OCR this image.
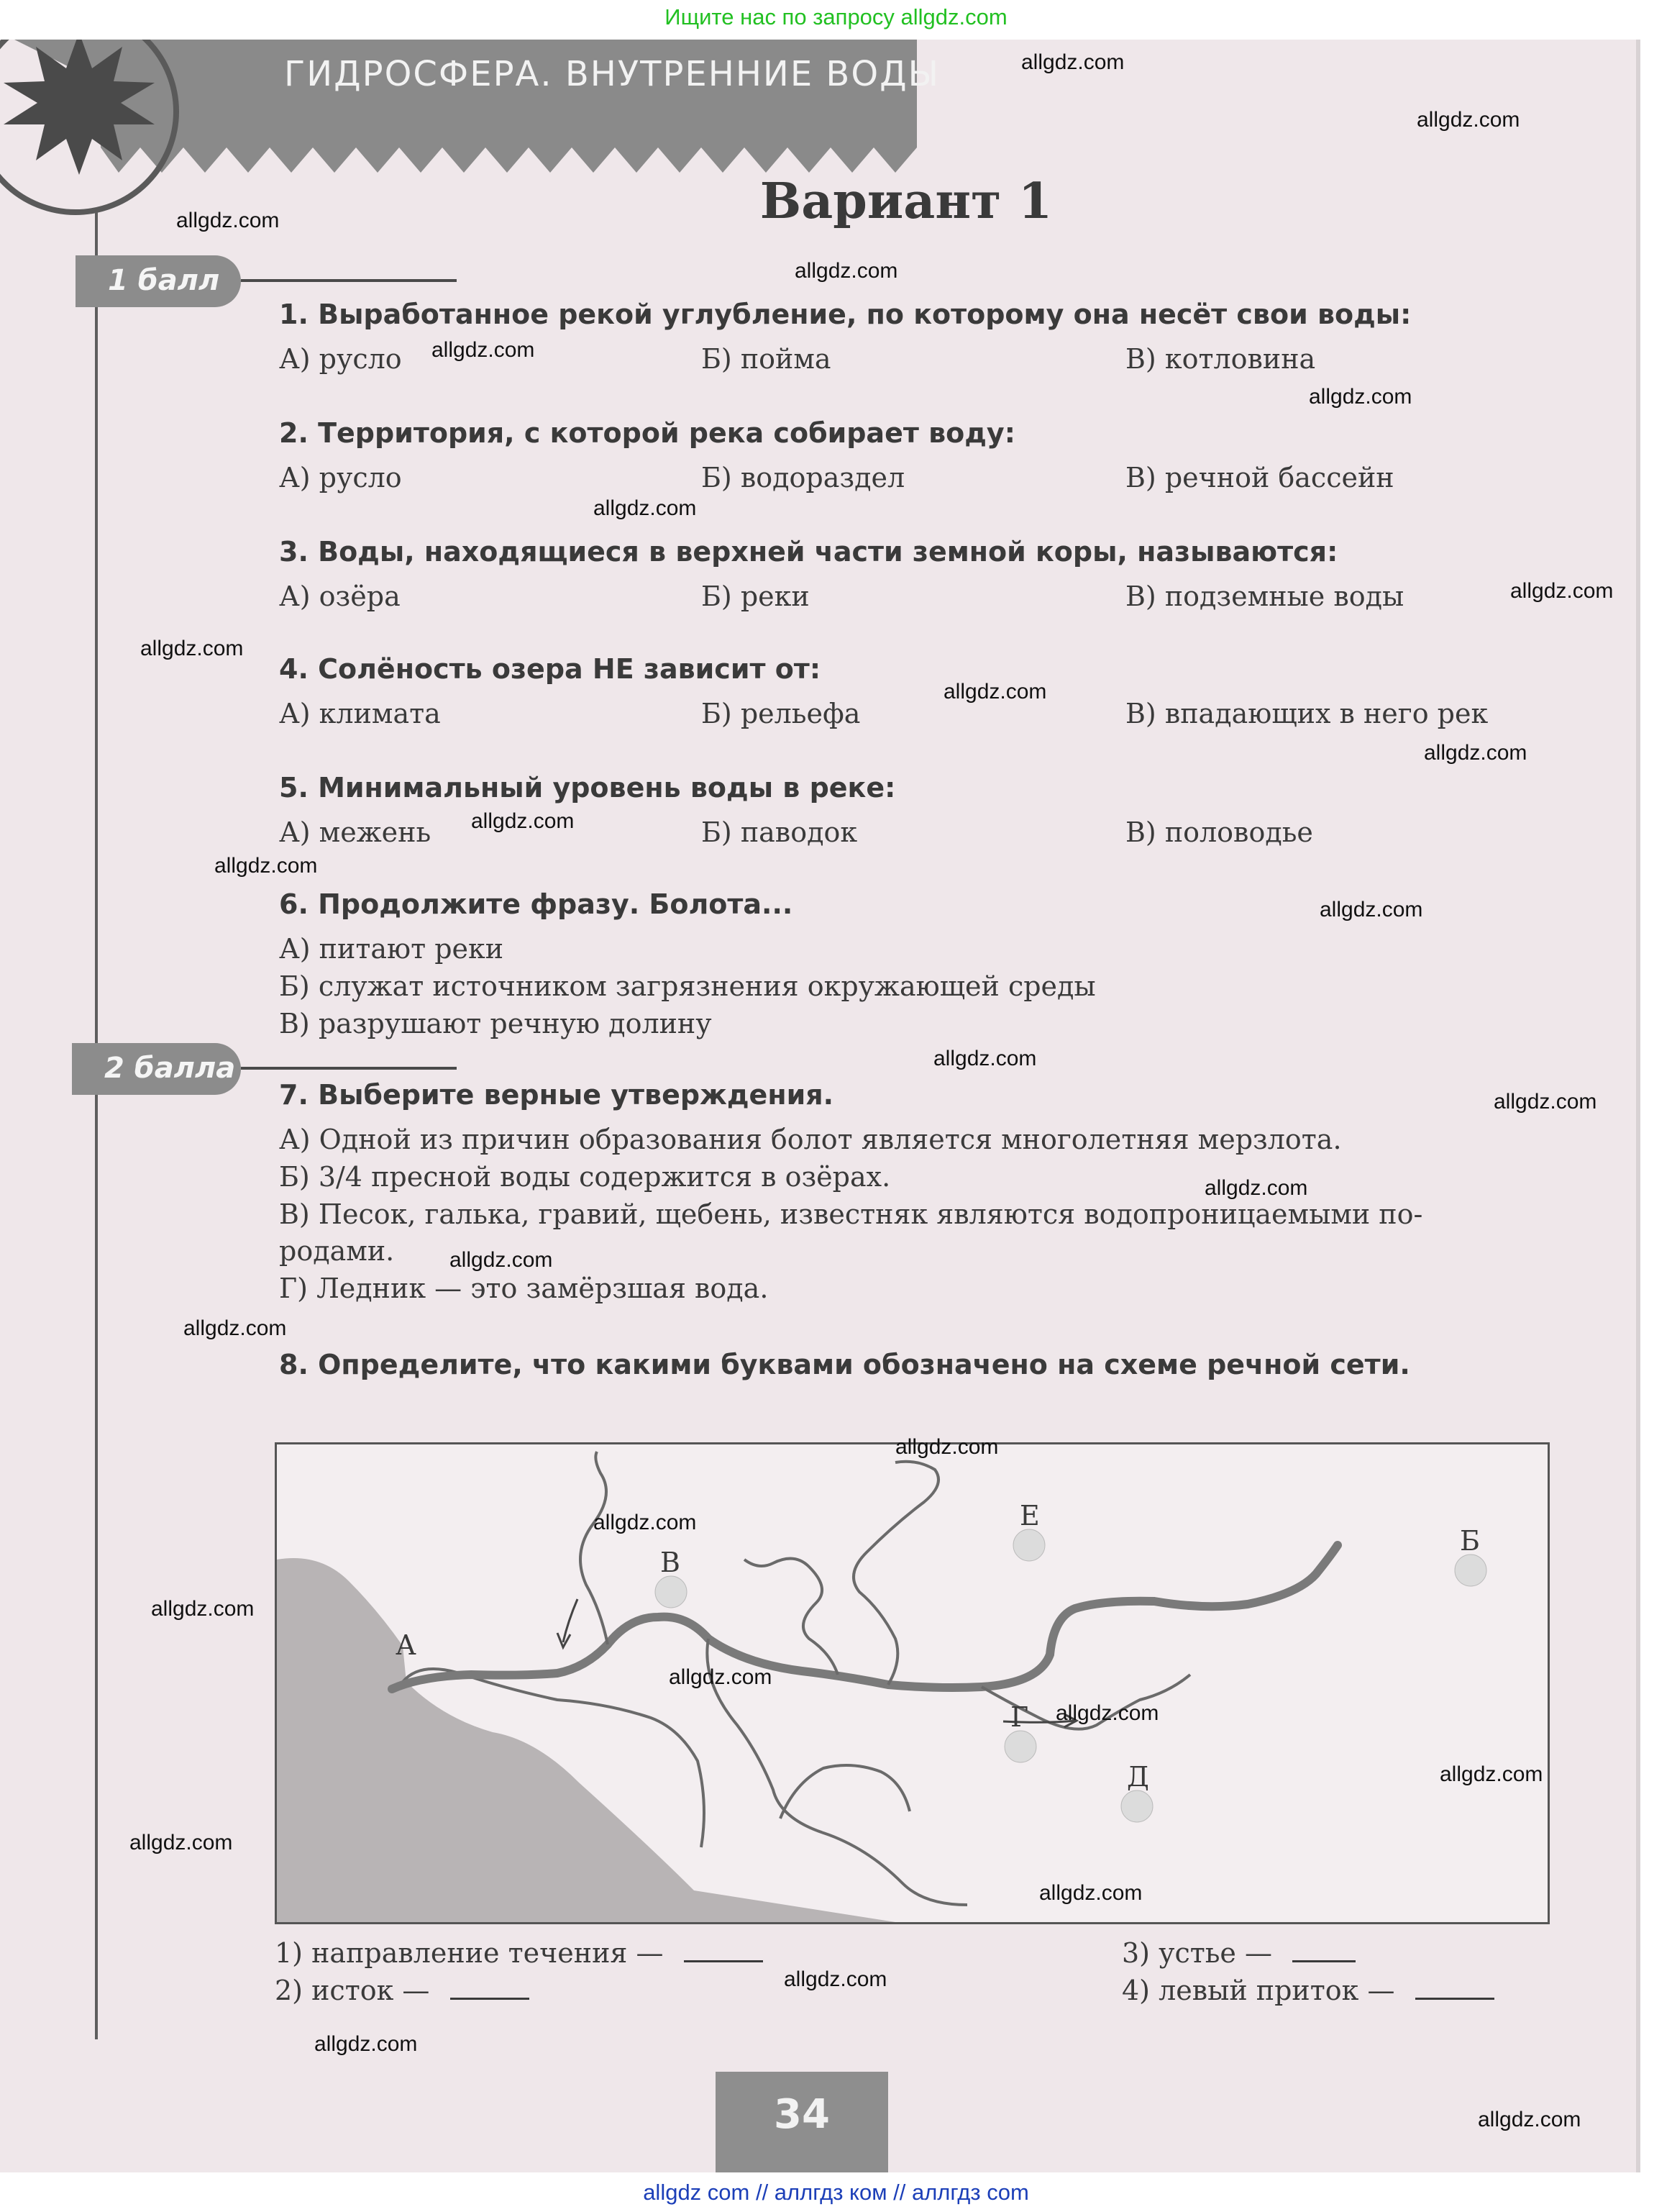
Ищите нас по запросу allgdz.com
ГИДРОСФЕРА. ВНУТРЕННИЕ ВОДЫ
Вариант 1
1 балл
2 балла
1. Выработанное рекой углубление, по которому она несёт свои воды:
А) русло	Б) пойма	В) котловина
2. Территория, с которой река собирает воду:
А) русло	Б) водораздел	В) речной бассейн
3. Воды, находящиеся в верхней части земной коры, называются:
А) озёра	Б) реки	В) подземные воды
4. Солёность озера НЕ зависит от:
А) климата	Б) рельефа	В) впадающих в него рек
5. Минимальный уровень воды в реке:
А) межень	Б) паводок	В) половодье
6. Продолжите фразу. Болота...
А) питают реки
Б) служат источником загрязнения окружающей среды
В) разрушают речную долину
7. Выберите верные утверждения.
А) Одной из причин образования болот является многолетняя мерзлота.
Б) 3/4 пресной воды содержится в озёрах.
В) Песок, галька, гравий, щебень, известняк являются водопроницаемыми по-
родами.
Г) Ледник — это замёрзшая вода.
8. Определите, что какими буквами обозначено на схеме речной сети.
А
Б
В
Г
Д
Е
1) направление течения —
2) исток —
3) устье —
4) левый приток —
34
allgdz.com
allgdz.com
allgdz.com
allgdz.com
allgdz.com
allgdz.com
allgdz.com
allgdz.com
allgdz.com
allgdz.com
allgdz.com
allgdz.com
allgdz.com
allgdz.com
allgdz.com
allgdz.com
allgdz.com
allgdz.com
allgdz.com
allgdz.com
allgdz.com
allgdz.com
allgdz.com
allgdz.com
allgdz.com
allgdz.com
allgdz.com
allgdz.com
allgdz.com
allgdz.com
allgdz com // аллгдз ком // аллгдз com
